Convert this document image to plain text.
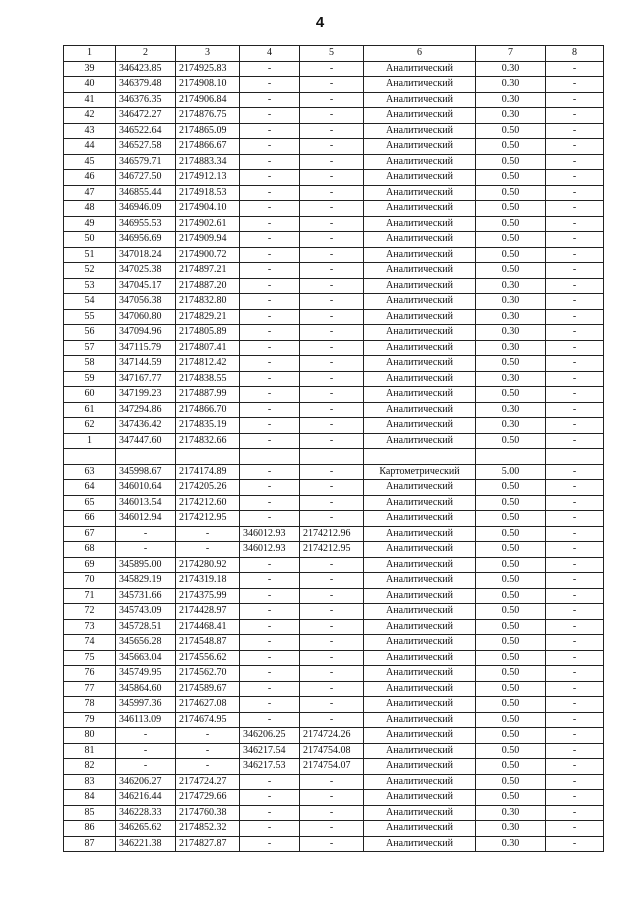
4
1	2	3	4	5	6	7	8
39	346423.85	2174925.83	-	-	Аналитический	0.30	-
40	346379.48	2174908.10	-	-	Аналитический	0.30	-
41	346376.35	2174906.84	-	-	Аналитический	0.30	-
42	346472.27	2174876.75	-	-	Аналитический	0.30	-
43	346522.64	2174865.09	-	-	Аналитический	0.50	-
44	346527.58	2174866.67	-	-	Аналитический	0.50	-
45	346579.71	2174883.34	-	-	Аналитический	0.50	-
46	346727.50	2174912.13	-	-	Аналитический	0.50	-
47	346855.44	2174918.53	-	-	Аналитический	0.50	-
48	346946.09	2174904.10	-	-	Аналитический	0.50	-
49	346955.53	2174902.61	-	-	Аналитический	0.50	-
50	346956.69	2174909.94	-	-	Аналитический	0.50	-
51	347018.24	2174900.72	-	-	Аналитический	0.50	-
52	347025.38	2174897.21	-	-	Аналитический	0.50	-
53	347045.17	2174887.20	-	-	Аналитический	0.30	-
54	347056.38	2174832.80	-	-	Аналитический	0.30	-
55	347060.80	2174829.21	-	-	Аналитический	0.30	-
56	347094.96	2174805.89	-	-	Аналитический	0.30	-
57	347115.79	2174807.41	-	-	Аналитический	0.30	-
58	347144.59	2174812.42	-	-	Аналитический	0.50	-
59	347167.77	2174838.55	-	-	Аналитический	0.30	-
60	347199.23	2174887.99	-	-	Аналитический	0.50	-
61	347294.86	2174866.70	-	-	Аналитический	0.30	-
62	347436.42	2174835.19	-	-	Аналитический	0.30	-
1	347447.60	2174832.66	-	-	Аналитический	0.50	-

63	345998.67	2174174.89	-	-	Картометрический	5.00	-
64	346010.64	2174205.26	-	-	Аналитический	0.50	-
65	346013.54	2174212.60	-	-	Аналитический	0.50	-
66	346012.94	2174212.95	-	-	Аналитический	0.50	-
67	-	-	346012.93	2174212.96	Аналитический	0.50	-
68	-	-	346012.93	2174212.95	Аналитический	0.50	-
69	345895.00	2174280.92	-	-	Аналитический	0.50	-
70	345829.19	2174319.18	-	-	Аналитический	0.50	-
71	345731.66	2174375.99	-	-	Аналитический	0.50	-
72	345743.09	2174428.97	-	-	Аналитический	0.50	-
73	345728.51	2174468.41	-	-	Аналитический	0.50	-
74	345656.28	2174548.87	-	-	Аналитический	0.50	-
75	345663.04	2174556.62	-	-	Аналитический	0.50	-
76	345749.95	2174562.70	-	-	Аналитический	0.50	-
77	345864.60	2174589.67	-	-	Аналитический	0.50	-
78	345997.36	2174627.08	-	-	Аналитический	0.50	-
79	346113.09	2174674.95	-	-	Аналитический	0.50	-
80	-	-	346206.25	2174724.26	Аналитический	0.50	-
81	-	-	346217.54	2174754.08	Аналитический	0.50	-
82	-	-	346217.53	2174754.07	Аналитический	0.50	-
83	346206.27	2174724.27	-	-	Аналитический	0.50	-
84	346216.44	2174729.66	-	-	Аналитический	0.50	-
85	346228.33	2174760.38	-	-	Аналитический	0.30	-
86	346265.62	2174852.32	-	-	Аналитический	0.30	-
87	346221.38	2174827.87	-	-	Аналитический	0.30	-
